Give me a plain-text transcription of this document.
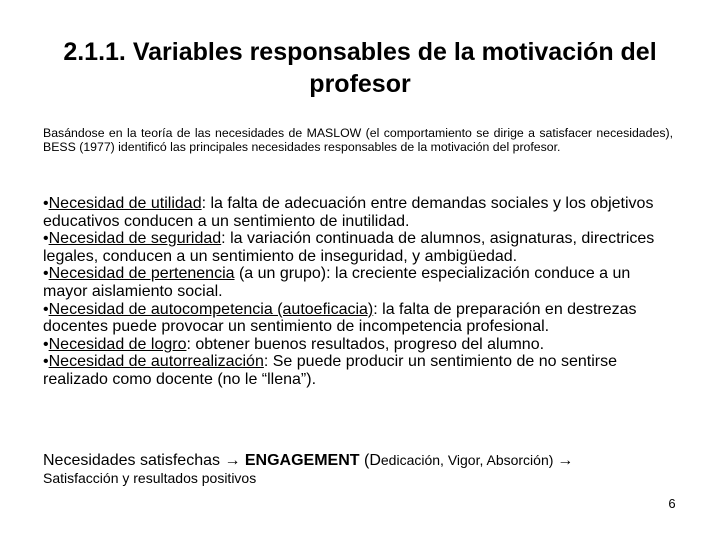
2.1.1. Variables responsables de la motivación del profesor
Basándose en la teoría de las necesidades de MASLOW (el comportamiento se dirige a satisfacer necesidades), BESS (1977) identificó las principales necesidades responsables de la motivación del profesor.
•Necesidad de utilidad: la falta de adecuación entre demandas sociales y los objetivos educativos conducen a un sentimiento de inutilidad.
•Necesidad de seguridad: la variación continuada de alumnos, asignaturas, directrices legales, conducen a un sentimiento de inseguridad, y ambigüedad.
•Necesidad de pertenencia (a un grupo): la creciente especialización conduce a un mayor aislamiento social.
•Necesidad de autocompetencia (autoeficacia): la falta de preparación en destrezas docentes puede provocar un sentimiento de incompetencia profesional.
•Necesidad de logro: obtener buenos resultados, progreso del alumno.
•Necesidad de autorrealización: Se puede producir un sentimiento de no sentirse realizado como docente (no le “llena”).
Necesidades satisfechas → ENGAGEMENT (Dedicación, Vigor, Absorción) →
Satisfacción y resultados positivos
6
